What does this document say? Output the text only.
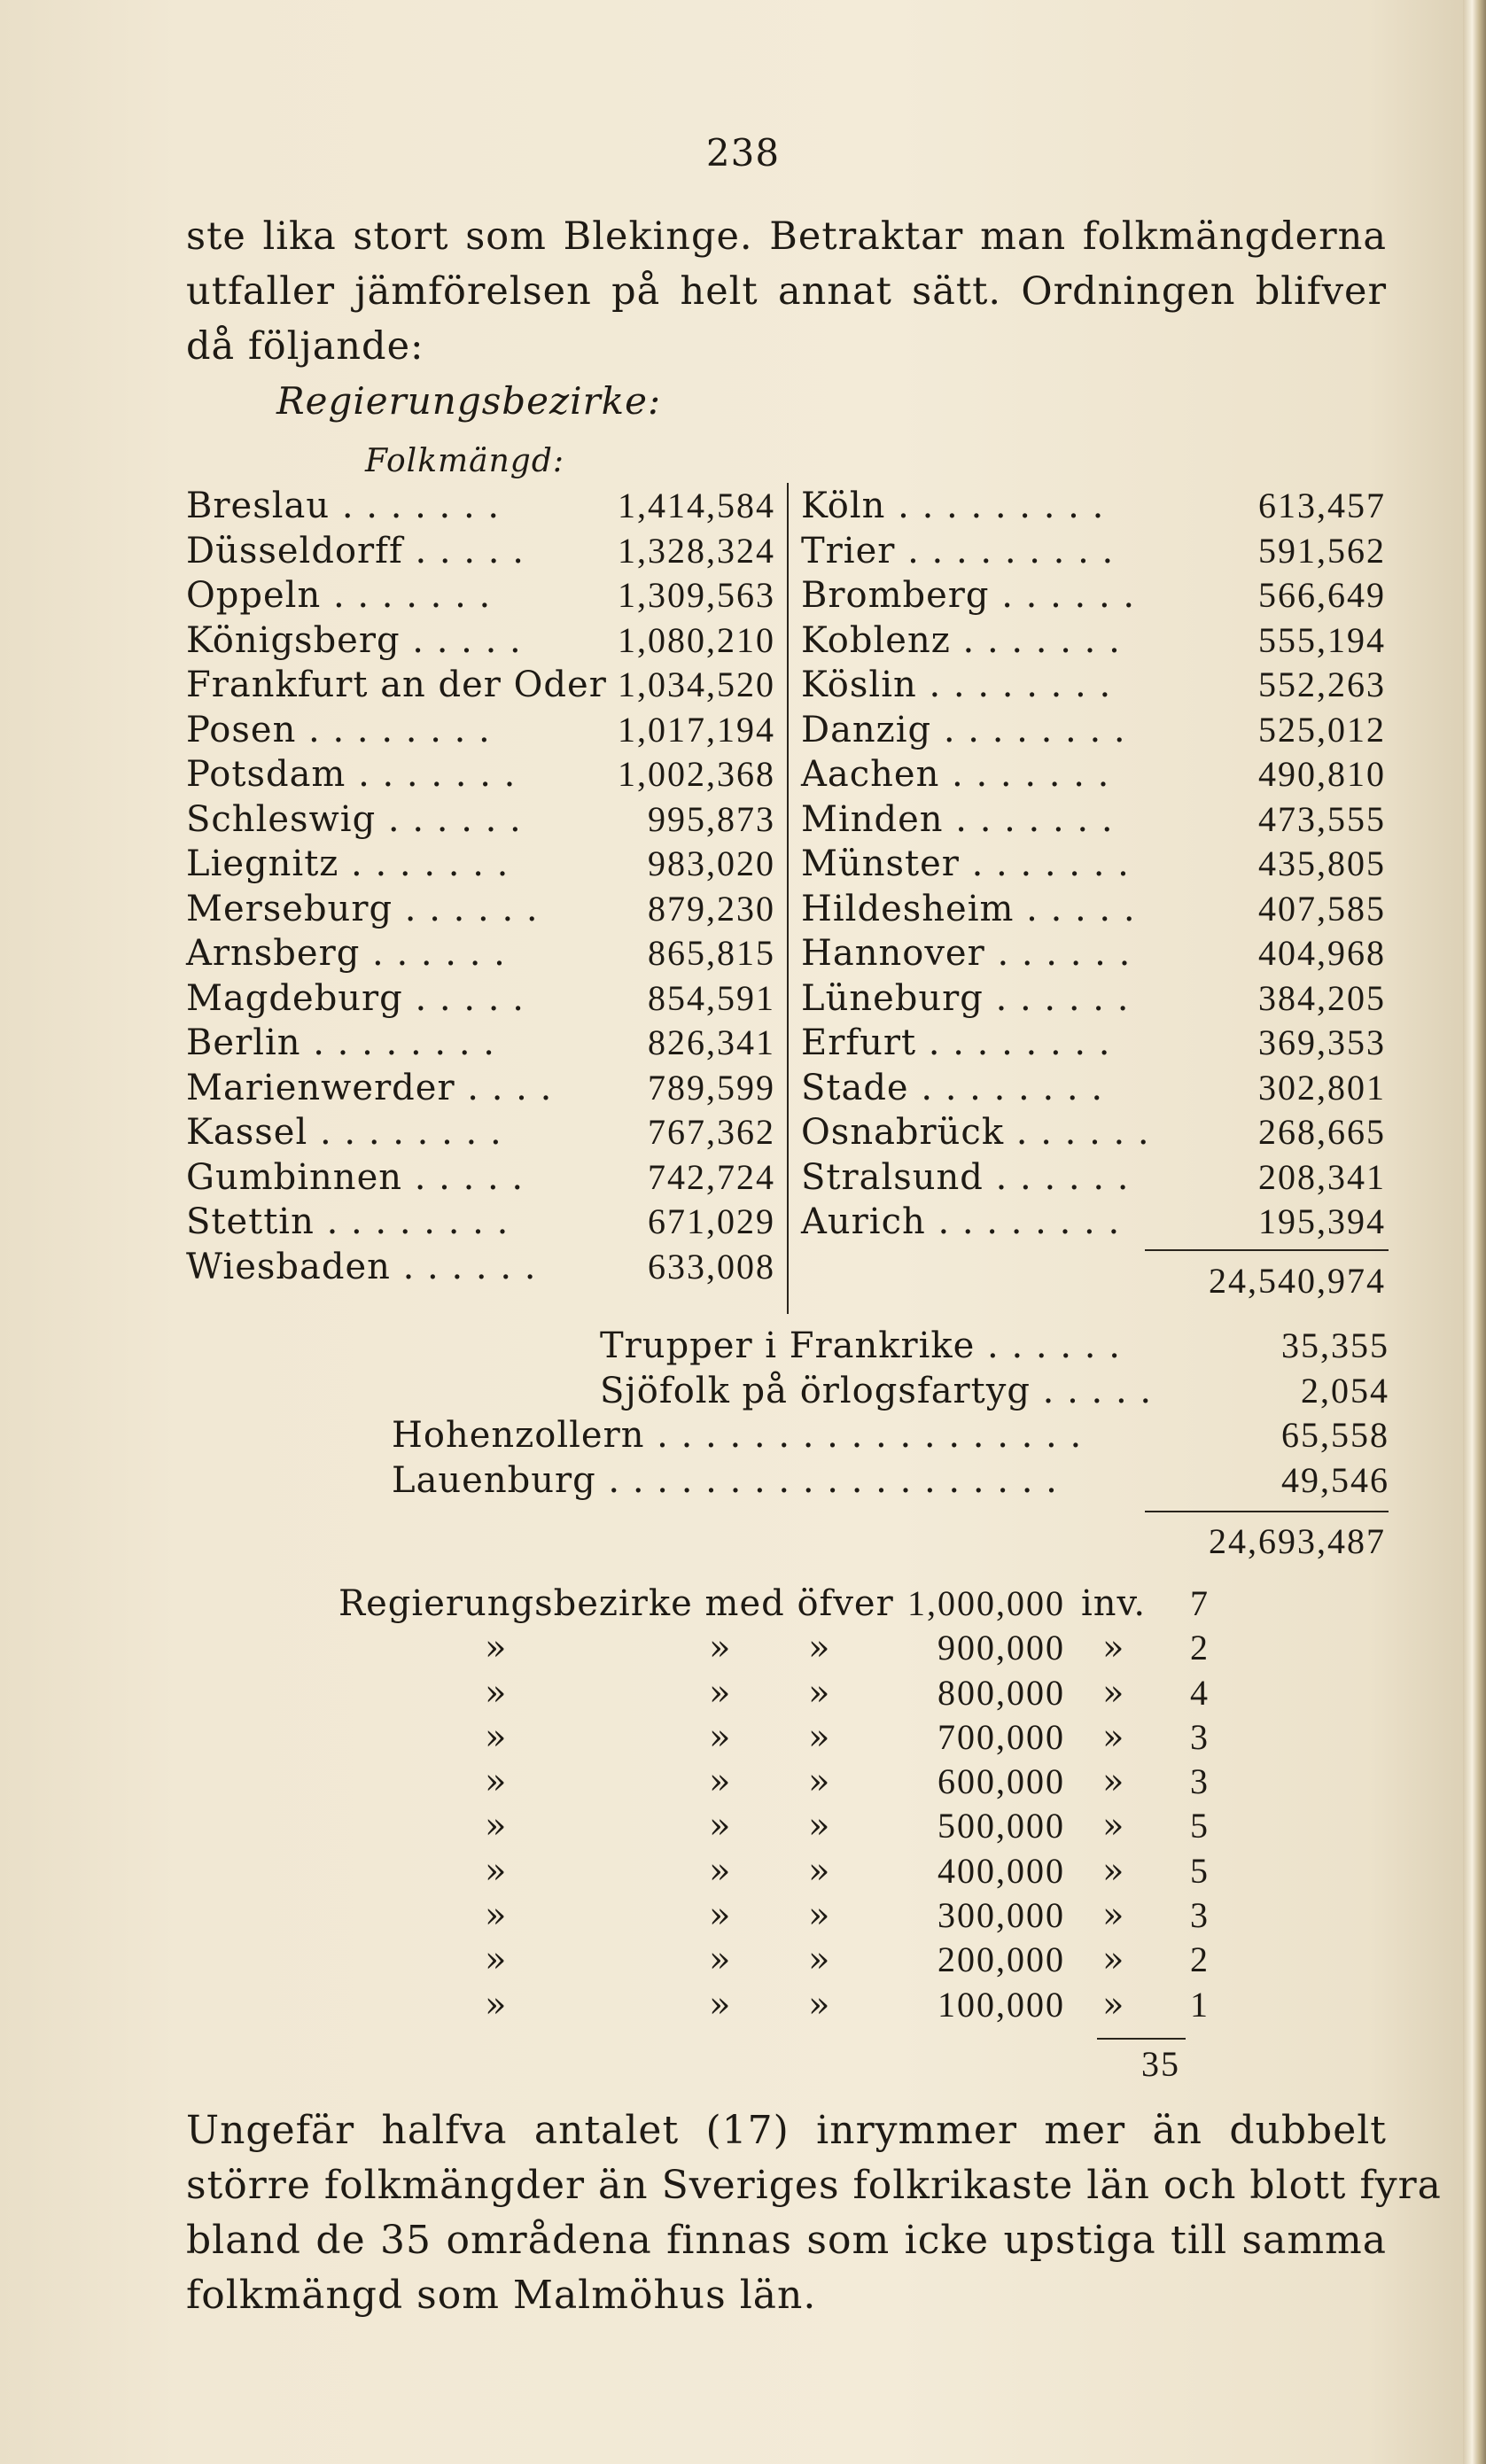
238
ste lika stort som Blekinge. Betraktar man folkmängderna
utfaller jämförelsen på helt annat sätt. Ordningen blifver
då följande:
Regierungsbezirke:
Folkmängd:
Breslau . . . . . . .	1,414,584
Düsseldorff . . . . .	1,328,324
Oppeln . . . . . . .	1,309,563
Königsberg . . . . .	1,080,210
Frankfurt an der Oder 1,034,520
Posen . . . . . . . .	1,017,194
Potsdam . . . . . . .	1,002,368
Schleswig . . . . . .	995,873
Liegnitz . . . . . . .	983,020
Merseburg . . . . . .	879,230
Arnsberg . . . . . .	865,815
Magdeburg . . . . .	854,591
Berlin . . . . . . . .	826,341
Marienwerder . . . .	789,599
Kassel . . . . . . . .	767,362
Gumbinnen . . . . .	742,724
Stettin . . . . . . . .	671,029
Wiesbaden . . . . . .	633,008
Köln . . . . . . . . .	613,457
Trier . . . . . . . . .	591,562
Bromberg . . . . . .	566,649
Koblenz . . . . . . .	555,194
Köslin . . . . . . . .	552,263
Danzig . . . . . . . .	525,012
Aachen . . . . . . .	490,810
Minden . . . . . . .	473,555
Münster . . . . . . .	435,805
Hildesheim . . . . .	407,585
Hannover . . . . . .	404,968
Lüneburg . . . . . .	384,205
Erfurt . . . . . . . .	369,353
Stade . . . . . . . .	302,801
Osnabrück . . . . . .	268,665
Stralsund . . . . . .	208,341
Aurich . . . . . . . .	195,394
24,540,974
Trupper i Frankrike . . . . . .	35,355
Sjöfolk på örlogsfartyg . . . . .	2,054
Hohenzollern . . . . . . . . . . . . . . . . . .	65,558
Lauenburg . . . . . . . . . . . . . . . . . . .	49,546
24,693,487
Regierungsbezirke med öfver 1,000,000 inv.	7
»	» »	900,000 »	2
»	» »	800,000 »	4
»	» »	700,000 »	3
»	» »	600,000 »	3
»	» »	500,000 »	5
»	» »	400,000 »	5
»	» »	300,000 »	3
»	» »	200,000 »	2
»	» »	100,000 »	1
35
Ungefär halfva antalet (17) inrymmer mer än dubbelt
större folkmängder än Sveriges folkrikaste län och blott fyra
bland de 35 områdena finnas som icke upstiga till samma
folkmängd som Malmöhus län.
